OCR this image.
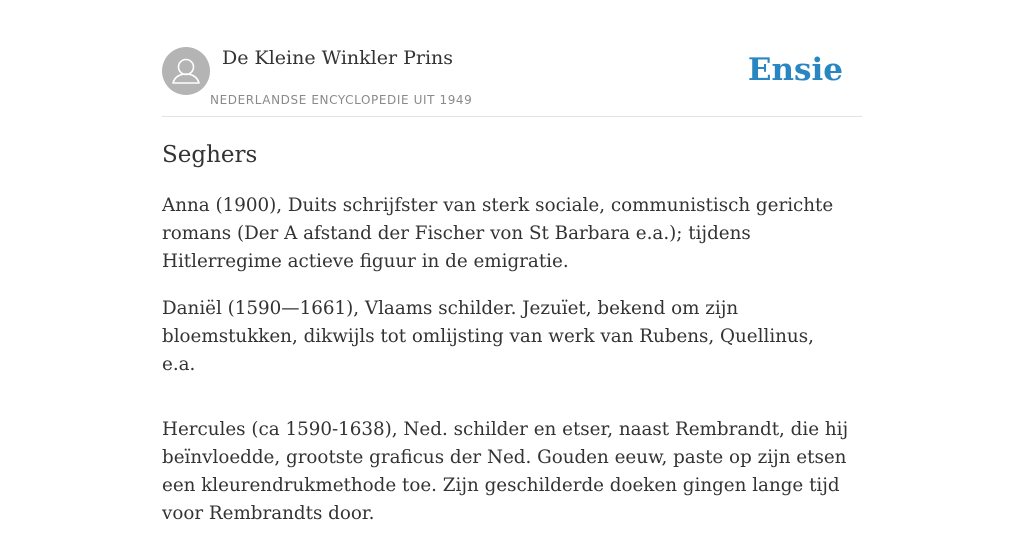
De Kleine Winkler Prins
NEDERLANDSE ENCYCLOPEDIE UIT 1949
Ensie
Seghers

Anna (1900), Duits schrijfster van sterk sociale, communistisch gerichte romans (Der A afstand der Fischer von St Barbara e.a.); tijdens Hitlerregime actieve figuur in de emigratie.

Daniël (1590—1661), Vlaams schilder. Jezuïet, bekend om zijn bloemstukken, dikwijls tot omlijsting van werk van Rubens, Quellinus, e.a.

Hercules (ca 1590-1638), Ned. schilder en etser, naast Rembrandt, die hij beïnvloedde, grootste graficus der Ned. Gouden eeuw, paste op zijn etsen een kleurendrukmethode toe. Zijn geschilderde doeken gingen lange tijd voor Rembrandts door.
